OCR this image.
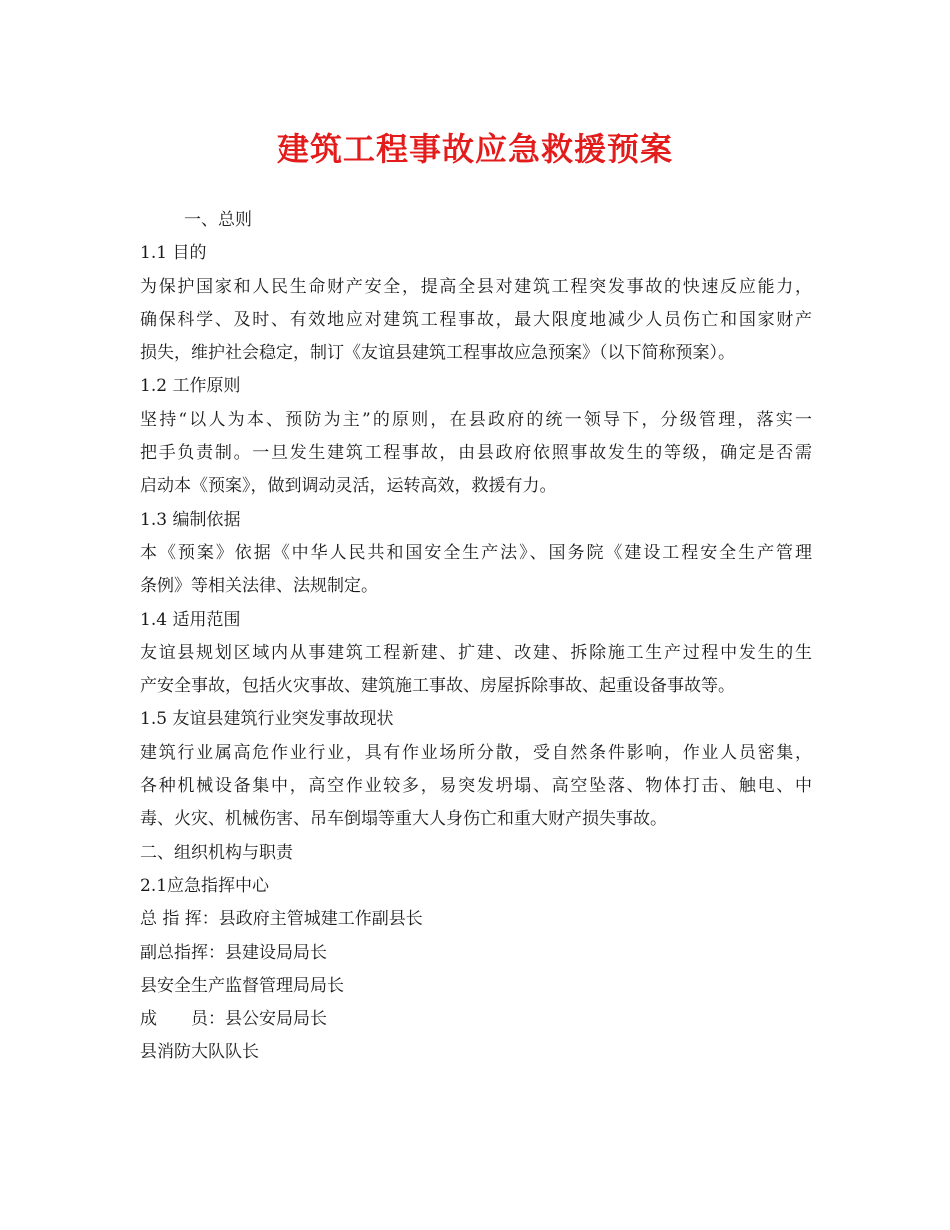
建筑工程事故应急救援预案
一、总则
1.1 目的
为保护国家和人民生命财产安全，提高全县对建筑工程突发事故的快速反应能力，
确保科学、及时、有效地应对建筑工程事故，最大限度地减少人员伤亡和国家财产
损失，维护社会稳定，制订《友谊县建筑工程事故应急预案》（以下简称预案）。
1.2 工作原则
坚持“以人为本、预防为主”的原则，在县政府的统一领导下，分级管理，落实一
把手负责制。一旦发生建筑工程事故，由县政府依照事故发生的等级，确定是否需
启动本《预案》，做到调动灵活，运转高效，救援有力。
1.3 编制依据
本《预案》依据《中华人民共和国安全生产法》、国务院《建设工程安全生产管理
条例》等相关法律、法规制定。
1.4 适用范围
友谊县规划区域内从事建筑工程新建、扩建、改建、拆除施工生产过程中发生的生
产安全事故，包括火灾事故、建筑施工事故、房屋拆除事故、起重设备事故等。
1.5 友谊县建筑行业突发事故现状
建筑行业属高危作业行业，具有作业场所分散，受自然条件影响，作业人员密集，
各种机械设备集中，高空作业较多，易突发坍塌、高空坠落、物体打击、触电、中
毒、火灾、机械伤害、吊车倒塌等重大人身伤亡和重大财产损失事故。
二、组织机构与职责
2.1应急指挥中心
总 指 挥：县政府主管城建工作副县长
副总指挥：县建设局局长
县安全生产监督管理局局长
成　　员：县公安局局长
县消防大队队长
